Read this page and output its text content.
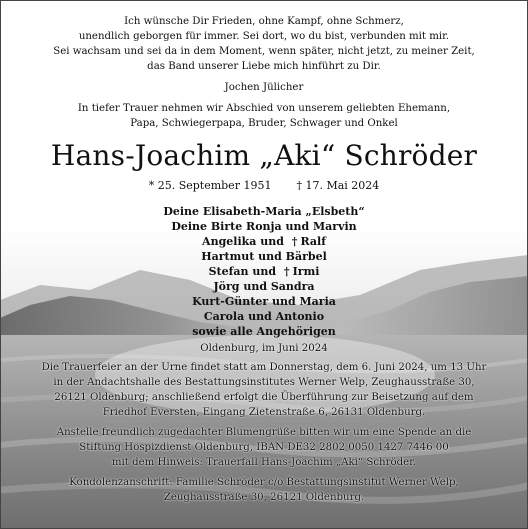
Ich wünsche Dir Frieden, ohne Kampf, ohne Schmerz,
unendlich geborgen für immer. Sei dort, wo du bist, verbunden mit mir.
Sei wachsam und sei da in dem Moment, wenn später, nicht jetzt, zu meiner Zeit,
das Band unserer Liebe mich hinführt zu Dir.
Jochen Jülicher
In tiefer Trauer nehmen wir Abschied von unserem geliebten Ehemann,
Papa, Schwiegerpapa, Bruder, Schwager und Onkel
Hans-Joachim „Aki“ Schröder
* 25. September 1951 † 17. Mai 2024
Deine Elisabeth-Maria „Elsbeth“
Deine Birte Ronja und Marvin
Angelika und † Ralf
Hartmut und Bärbel
Stefan und † Irmi
Jörg und Sandra
Kurt-Günter und Maria
Carola und Antonio
sowie alle Angehörigen
Oldenburg, im Juni 2024
Die Trauerfeier an der Urne findet statt am Donnerstag, dem 6. Juni 2024, um 13 Uhr
in der Andachtshalle des Bestattungsinstitutes Werner Welp, Zeughausstraße 30,
26121 Oldenburg; anschließend erfolgt die Überführung zur Beisetzung auf dem
Friedhof Eversten, Eingang Zietenstraße 6, 26131 Oldenburg.
Anstelle freundlich zugedachter Blumengrüße bitten wir um eine Spende an die
Stiftung Hospizdienst Oldenburg, IBAN DE32 2802 0050 1427 7446 00
mit dem Hinweis: Trauerfall Hans-Joachim „Aki“ Schröder.
Kondolenzanschrift: Familie Schröder c/o Bestattungsinstitut Werner Welp,
Zeughausstraße 30, 26121 Oldenburg.
